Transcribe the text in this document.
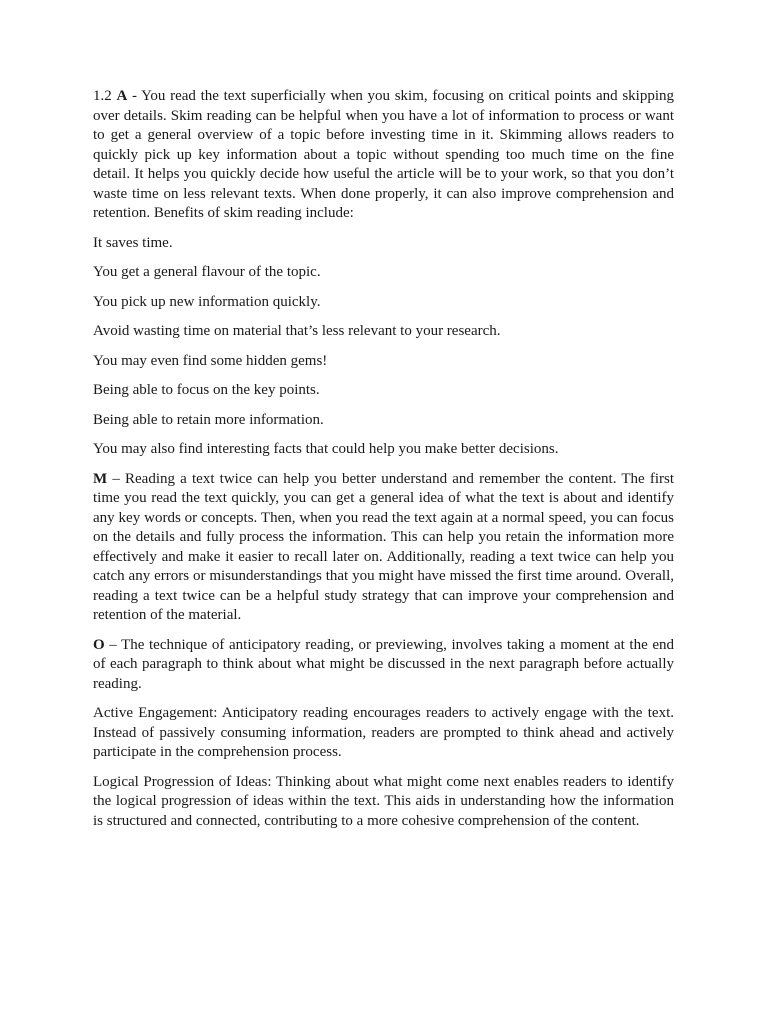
1.2 A - You read the text superficially when you skim, focusing on critical points and skipping over details. Skim reading can be helpful when you have a lot of information to process or want to get a general overview of a topic before investing time in it. Skimming allows readers to quickly pick up key information about a topic without spending too much time on the fine detail. It helps you quickly decide how useful the article will be to your work, so that you don’t waste time on less relevant texts. When done properly, it can also improve comprehension and retention. Benefits of skim reading include:

It saves time.

You get a general flavour of the topic.

You pick up new information quickly.

Avoid wasting time on material that’s less relevant to your research.

You may even find some hidden gems!

Being able to focus on the key points.

Being able to retain more information.

You may also find interesting facts that could help you make better decisions.

M – Reading a text twice can help you better understand and remember the content. The first time you read the text quickly, you can get a general idea of what the text is about and identify any key words or concepts. Then, when you read the text again at a normal speed, you can focus on the details and fully process the information. This can help you retain the information more effectively and make it easier to recall later on. Additionally, reading a text twice can help you catch any errors or misunderstandings that you might have missed the first time around. Overall, reading a text twice can be a helpful study strategy that can improve your comprehension and retention of the material.

O – The technique of anticipatory reading, or previewing, involves taking a moment at the end of each paragraph to think about what might be discussed in the next paragraph before actually reading.

Active Engagement: Anticipatory reading encourages readers to actively engage with the text. Instead of passively consuming information, readers are prompted to think ahead and actively participate in the comprehension process.

Logical Progression of Ideas: Thinking about what might come next enables readers to identify the logical progression of ideas within the text. This aids in understanding how the information is structured and connected, contributing to a more cohesive comprehension of the content.
